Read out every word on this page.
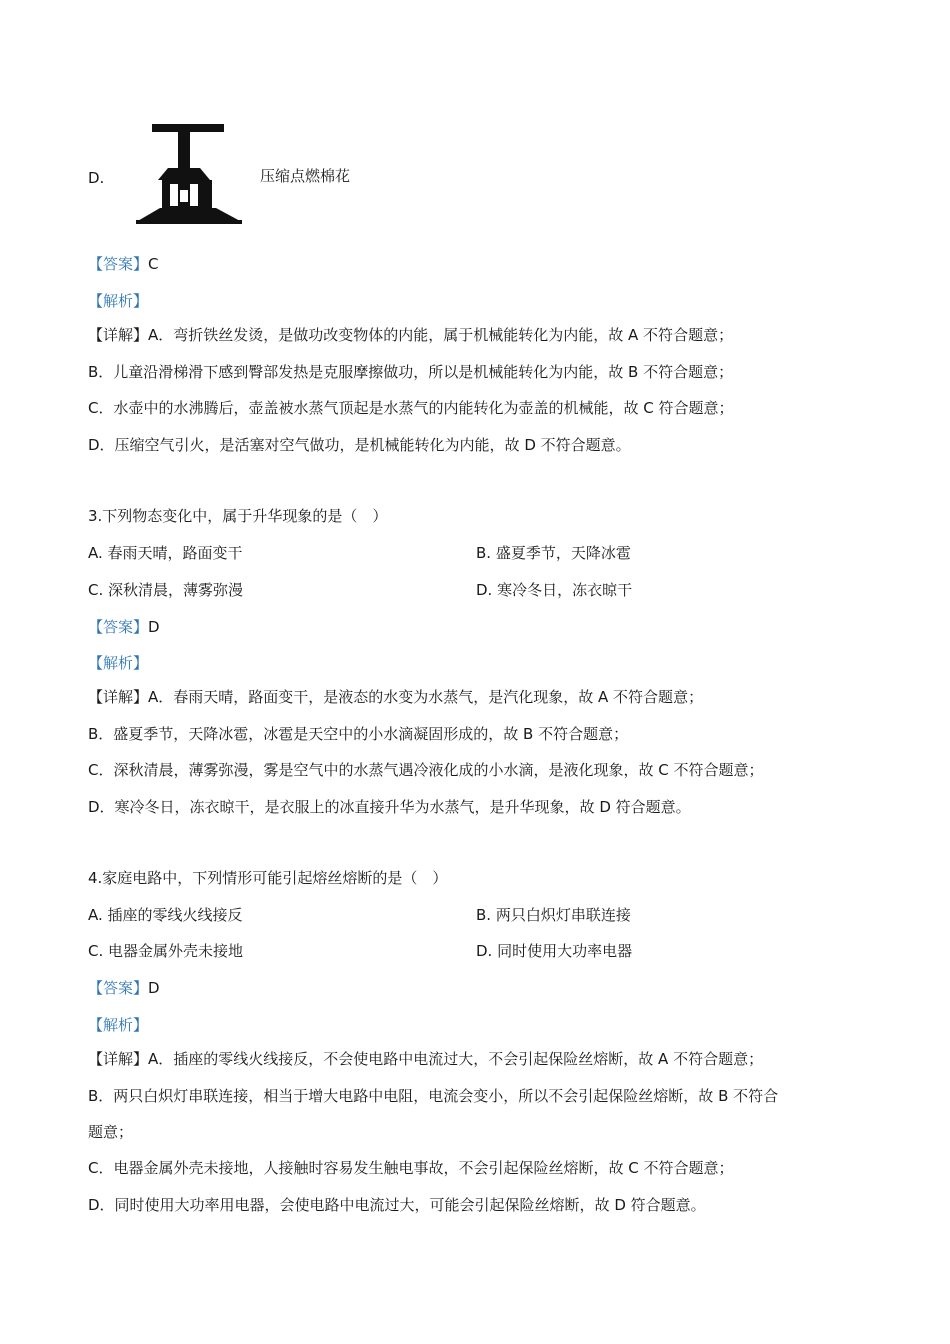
D.	压缩点燃棉花
【答案】C
【解析】
【详解】A．弯折铁丝发烫，是做功改变物体的内能，属于机械能转化为内能，故 A 不符合题意；
B．儿童沿滑梯滑下感到臀部发热是克服摩擦做功，所以是机械能转化为内能，故 B 不符合题意；
C．水壶中的水沸腾后，壶盖被水蒸气顶起是水蒸气的内能转化为壶盖的机械能，故 C 符合题意；
D．压缩空气引火，是活塞对空气做功，是机械能转化为内能，故 D 不符合题意。
3.下列物态变化中，属于升华现象的是（　）
A. 春雨天晴，路面变干	B. 盛夏季节，天降冰雹
C. 深秋清晨，薄雾弥漫	D. 寒冷冬日，冻衣晾干
【答案】D
【解析】
【详解】A．春雨天晴，路面变干，是液态的水变为水蒸气，是汽化现象，故 A 不符合题意；
B．盛夏季节，天降冰雹，冰雹是天空中的小水滴凝固形成的，故 B 不符合题意；
C．深秋清晨，薄雾弥漫，雾是空气中的水蒸气遇冷液化成的小水滴，是液化现象，故 C 不符合题意；
D．寒冷冬日，冻衣晾干，是衣服上的冰直接升华为水蒸气，是升华现象，故 D 符合题意。
4.家庭电路中，下列情形可能引起熔丝熔断的是（　）
A. 插座的零线火线接反	B. 两只白炽灯串联连接
C. 电器金属外壳未接地	D. 同时使用大功率电器
【答案】D
【解析】
【详解】A．插座的零线火线接反，不会使电路中电流过大，不会引起保险丝熔断，故 A 不符合题意；
B．两只白炽灯串联连接，相当于增大电路中电阻，电流会变小，所以不会引起保险丝熔断，故 B 不符合
题意；
C．电器金属外壳未接地，人接触时容易发生触电事故，不会引起保险丝熔断，故 C 不符合题意；
D．同时使用大功率用电器，会使电路中电流过大，可能会引起保险丝熔断，故 D 符合题意。
